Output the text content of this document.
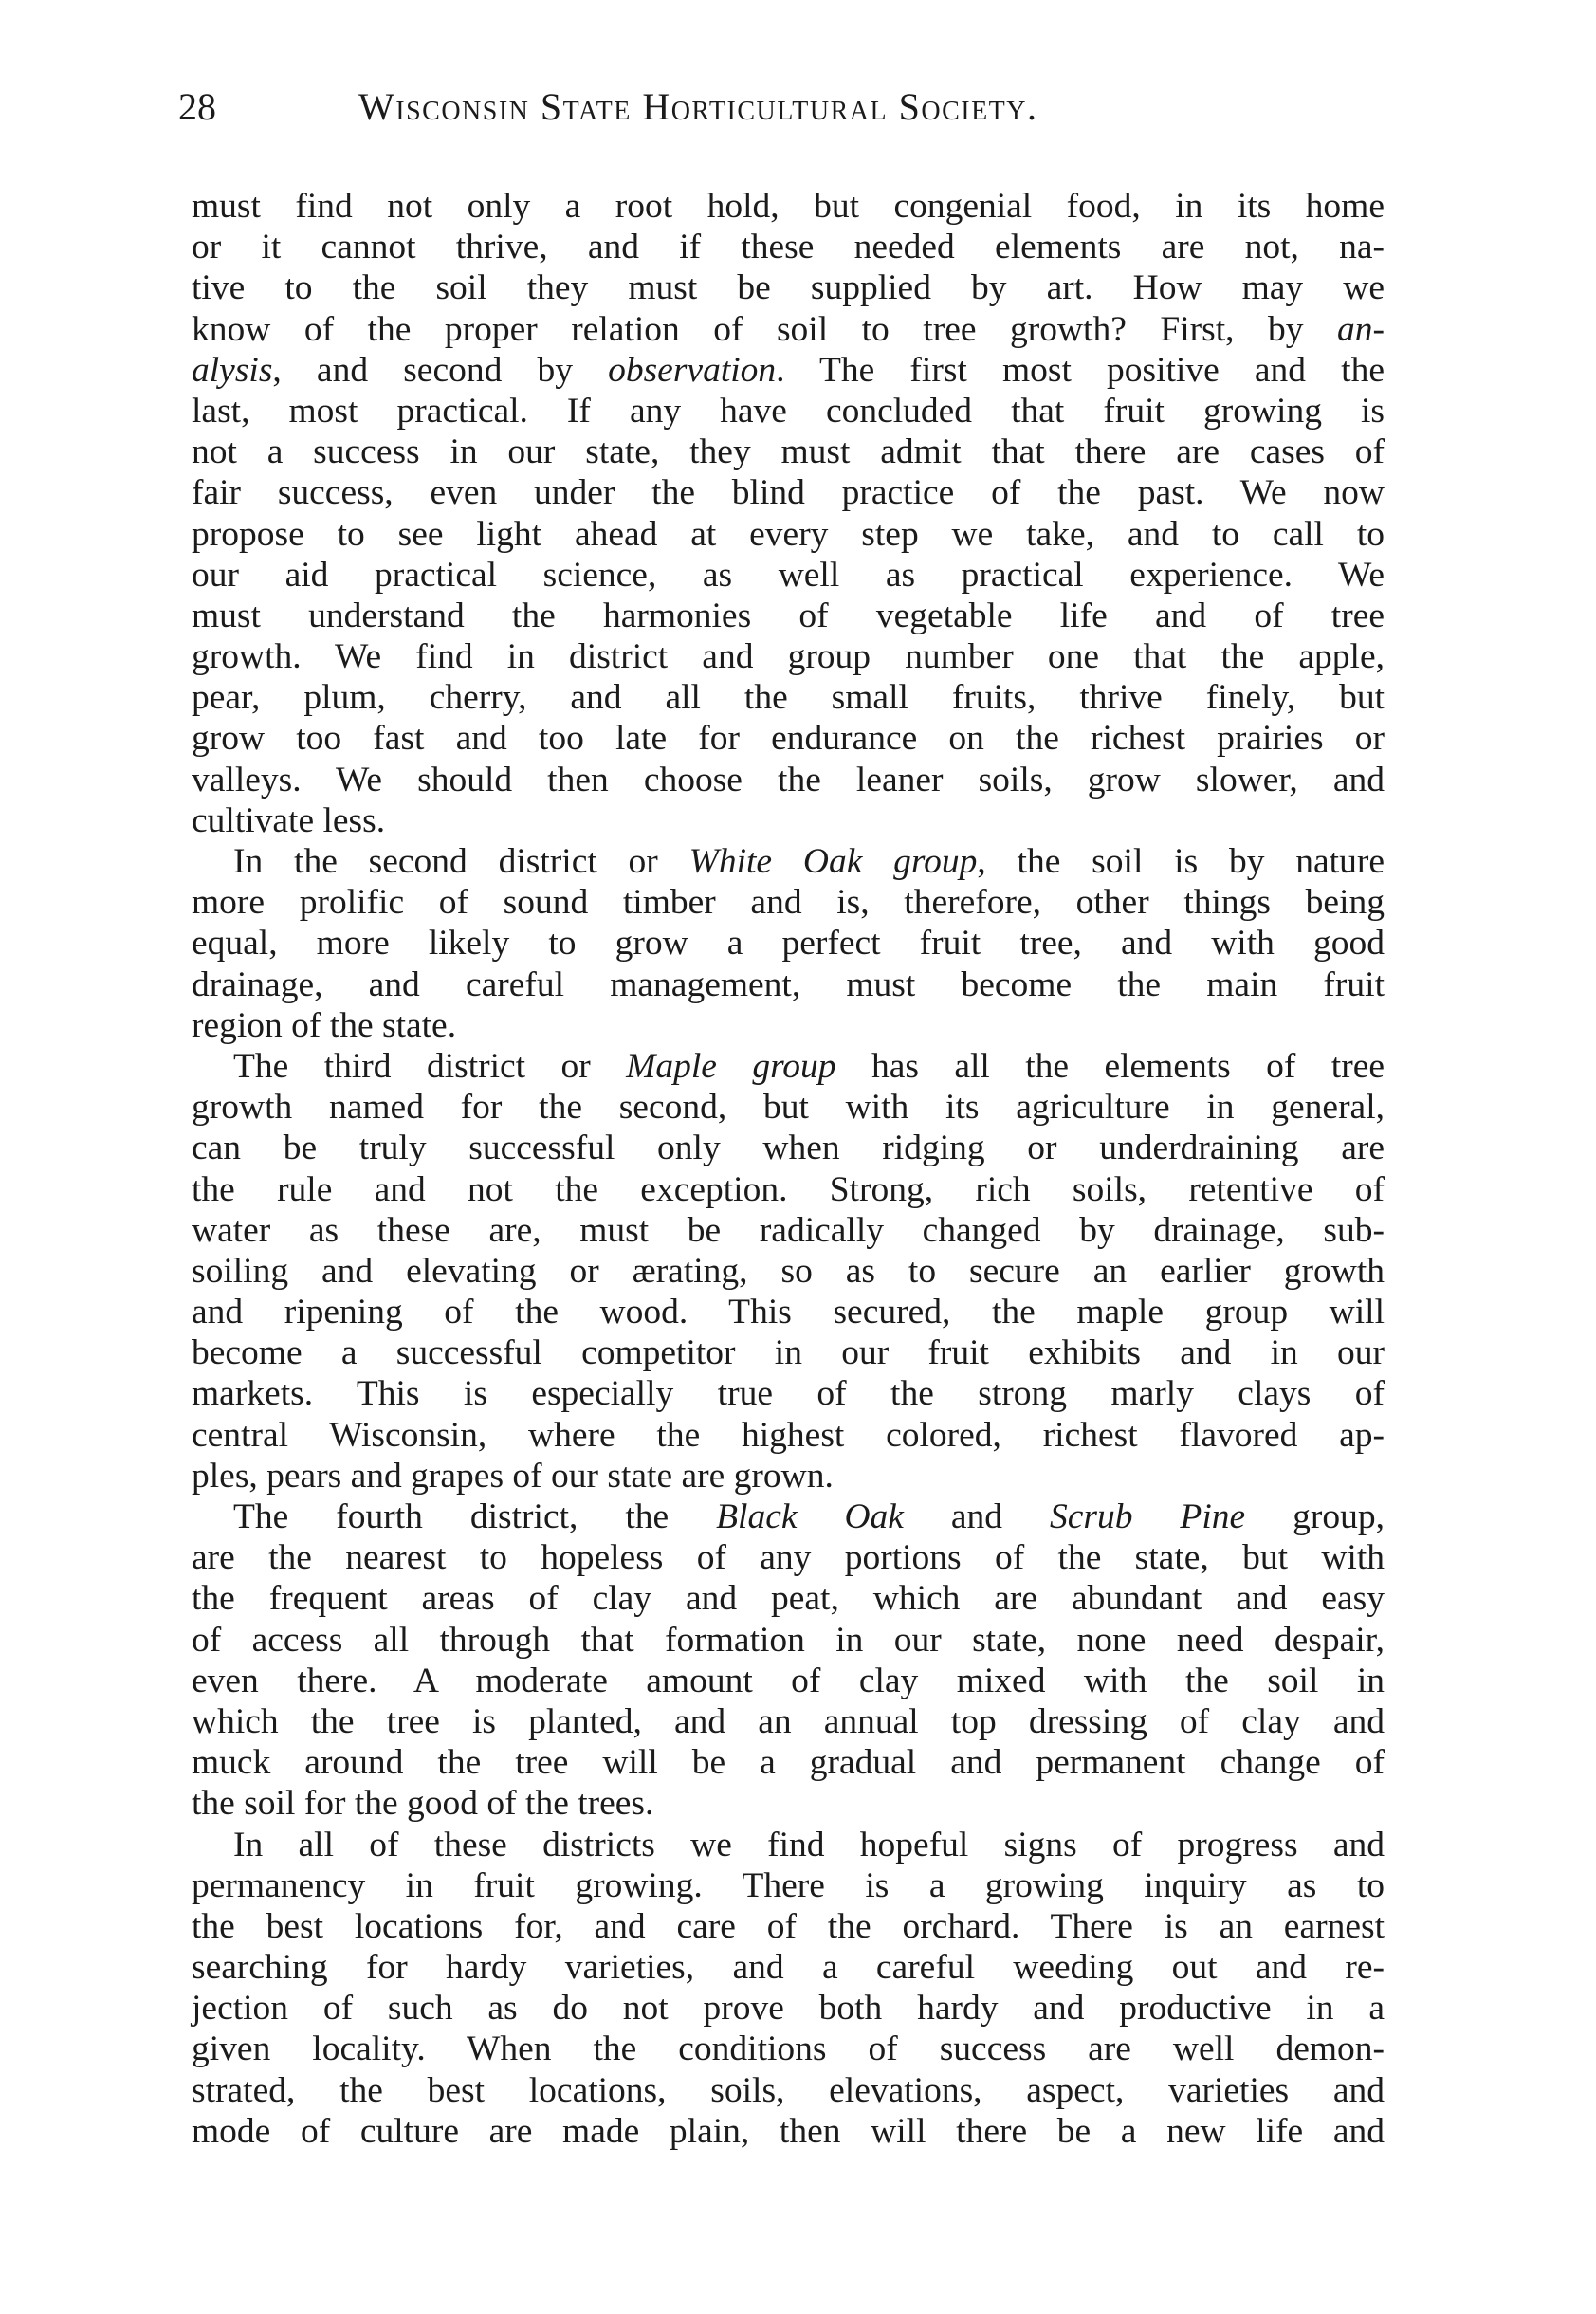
28	Wisconsin State Horticultural Society.
must find not only a root hold, but congenial food, in its home
or it cannot thrive, and if these needed elements are not, na-
tive to the soil they must be supplied by art. How may we
know of the proper relation of soil to tree growth? First, by an-
alysis, and second by observation. The first most positive and the
last, most practical. If any have concluded that fruit growing is
not a success in our state, they must admit that there are cases of
fair success, even under the blind practice of the past. We now
propose to see light ahead at every step we take, and to call to
our aid practical science, as well as practical experience. We
must understand the harmonies of vegetable life and of tree
growth. We find in district and group number one that the apple,
pear, plum, cherry, and all the small fruits, thrive finely, but
grow too fast and too late for endurance on the richest prairies or
valleys. We should then choose the leaner soils, grow slower, and
cultivate less.
In the second district or White Oak group, the soil is by nature
more prolific of sound timber and is, therefore, other things being
equal, more likely to grow a perfect fruit tree, and with good
drainage, and careful management, must become the main fruit
region of the state.
The third district or Maple group has all the elements of tree
growth named for the second, but with its agriculture in general,
can be truly successful only when ridging or underdraining are
the rule and not the exception. Strong, rich soils, retentive of
water as these are, must be radically changed by drainage, sub-
soiling and elevating or ærating, so as to secure an earlier growth
and ripening of the wood. This secured, the maple group will
become a successful competitor in our fruit exhibits and in our
markets. This is especially true of the strong marly clays of
central Wisconsin, where the highest colored, richest flavored ap-
ples, pears and grapes of our state are grown.
The fourth district, the Black Oak and Scrub Pine group,
are the nearest to hopeless of any portions of the state, but with
the frequent areas of clay and peat, which are abundant and easy
of access all through that formation in our state, none need despair,
even there. A moderate amount of clay mixed with the soil in
which the tree is planted, and an annual top dressing of clay and
muck around the tree will be a gradual and permanent change of
the soil for the good of the trees.
In all of these districts we find hopeful signs of progress and
permanency in fruit growing. There is a growing inquiry as to
the best locations for, and care of the orchard. There is an earnest
searching for hardy varieties, and a careful weeding out and re-
jection of such as do not prove both hardy and productive in a
given locality. When the conditions of success are well demon-
strated, the best locations, soils, elevations, aspect, varieties and
mode of culture are made plain, then will there be a new life and
